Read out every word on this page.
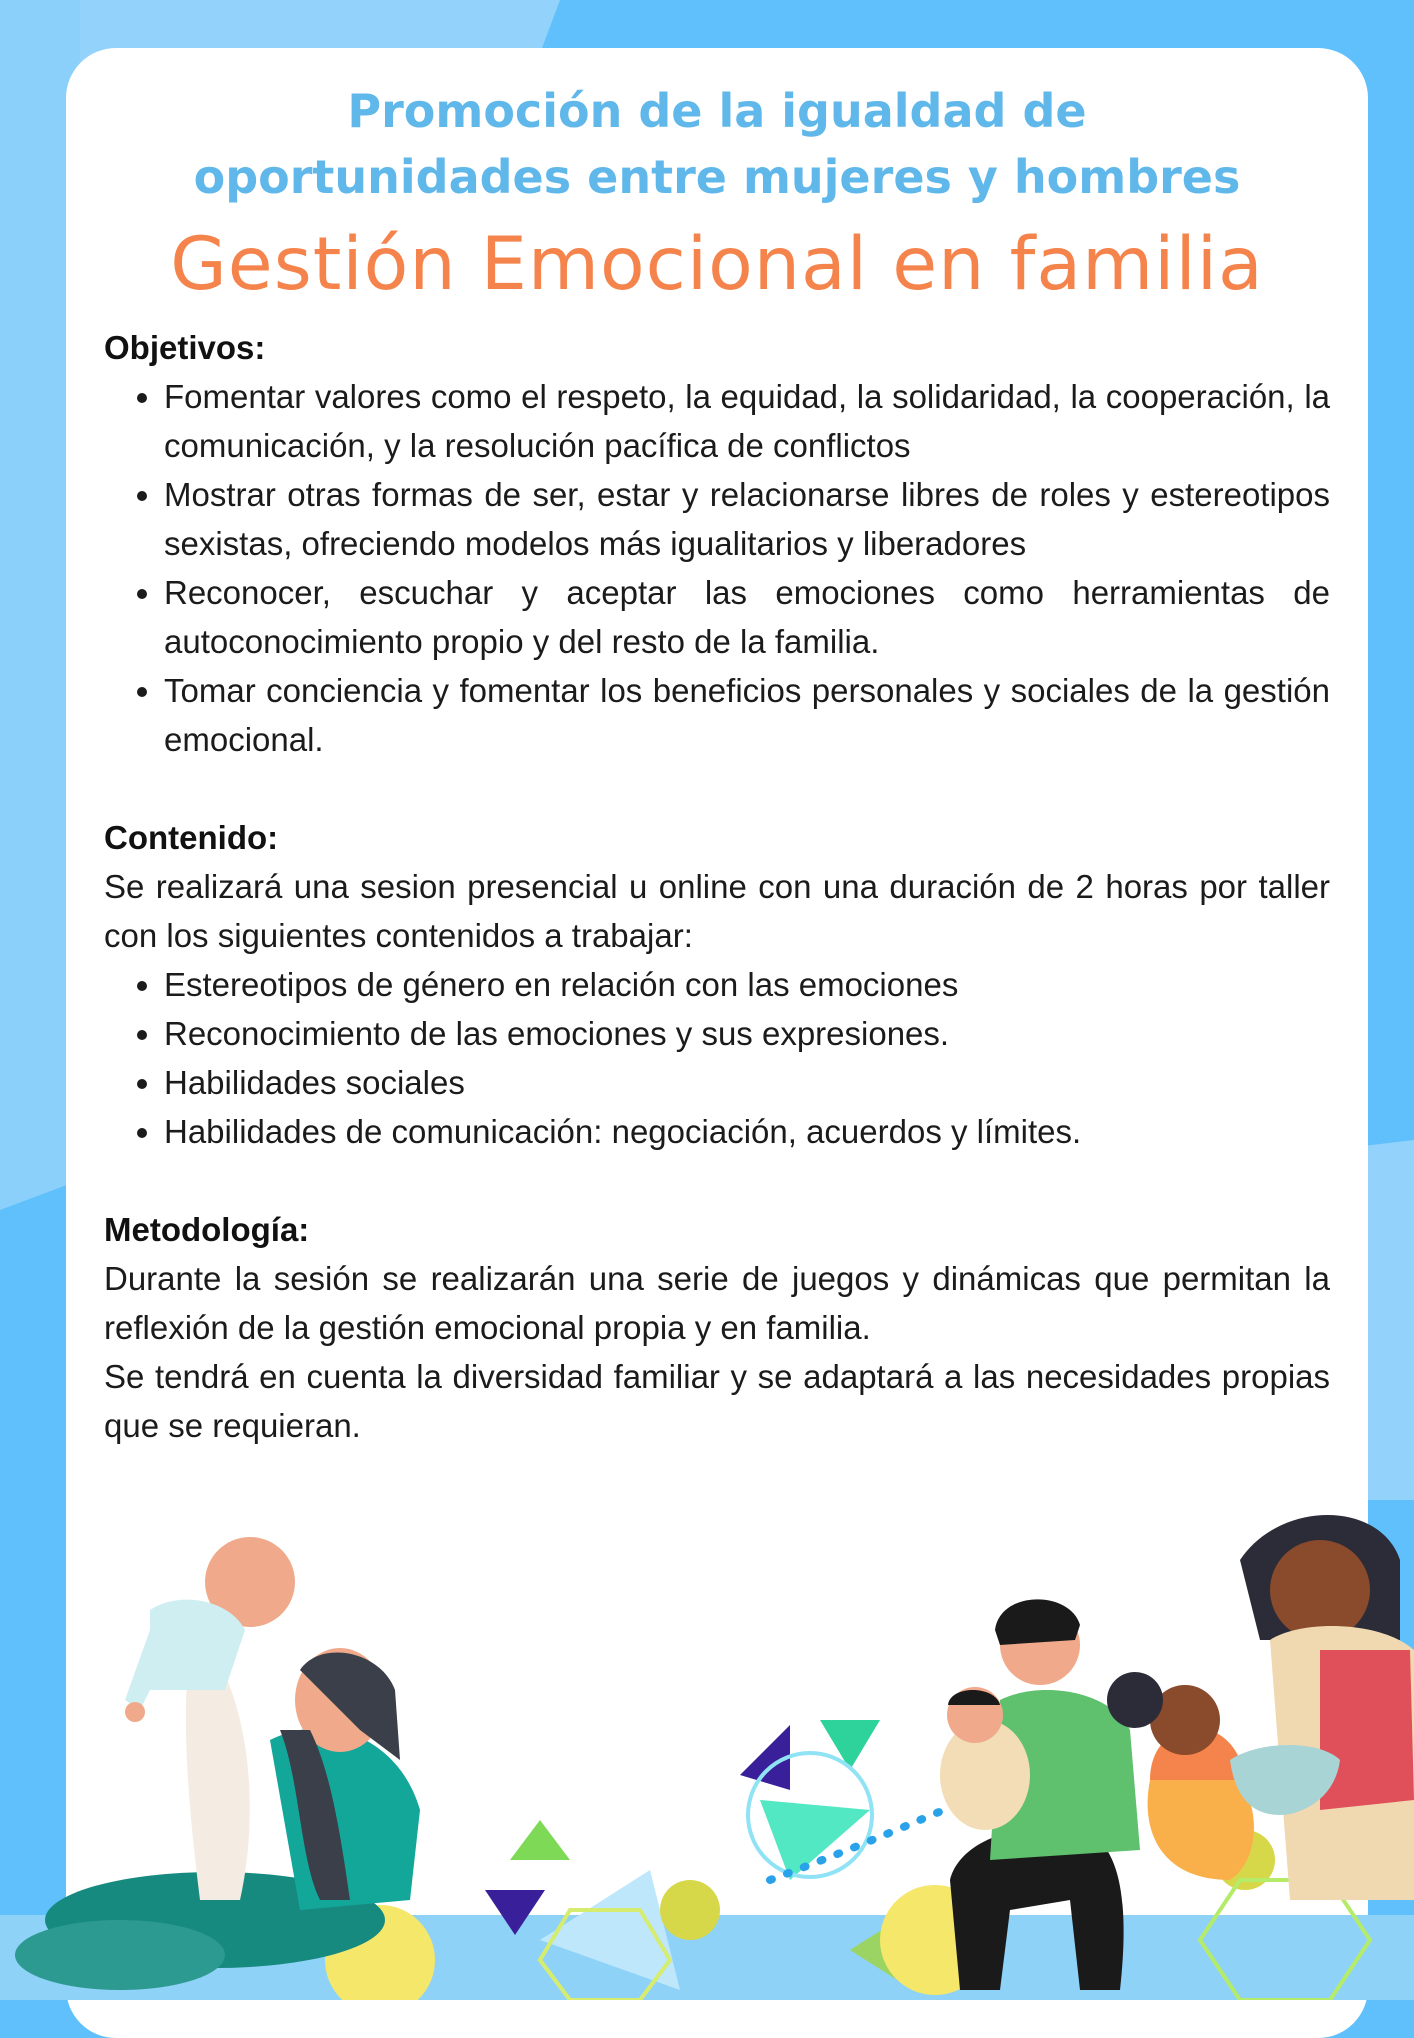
Promoción de la igualdad de
oportunidades entre mujeres y hombres

Gestión Emocional en familia
Objetivos:
• Fomentar valores como el respeto, la equidad, la solidaridad, la cooperación, la comunicación, y la resolución pacífica de conflictos
• Mostrar otras formas de ser, estar y relacionarse libres de roles y estereotipos sexistas, ofreciendo modelos más igualitarios y liberadores
• Reconocer, escuchar y aceptar las emociones como herramientas de autoconocimiento propio y del resto de la familia.
• Tomar conciencia y fomentar los beneficios personales y sociales de la gestión emocional.
Contenido:

Se realizará una sesion presencial u online con una duración de 2 horas por taller con los siguientes contenidos a trabajar:

• Estereotipos de género en relación con las emociones
• Reconocimiento de las emociones y sus expresiones.
• Habilidades sociales
• Habilidades de comunicación: negociación, acuerdos y límites.
Metodología:

Durante la sesión se realizarán una serie de juegos y dinámicas que permitan la reflexión de la gestión emocional propia y en familia.

Se tendrá en cuenta la diversidad familiar y se adaptará a las necesidades propias que se requieran.
